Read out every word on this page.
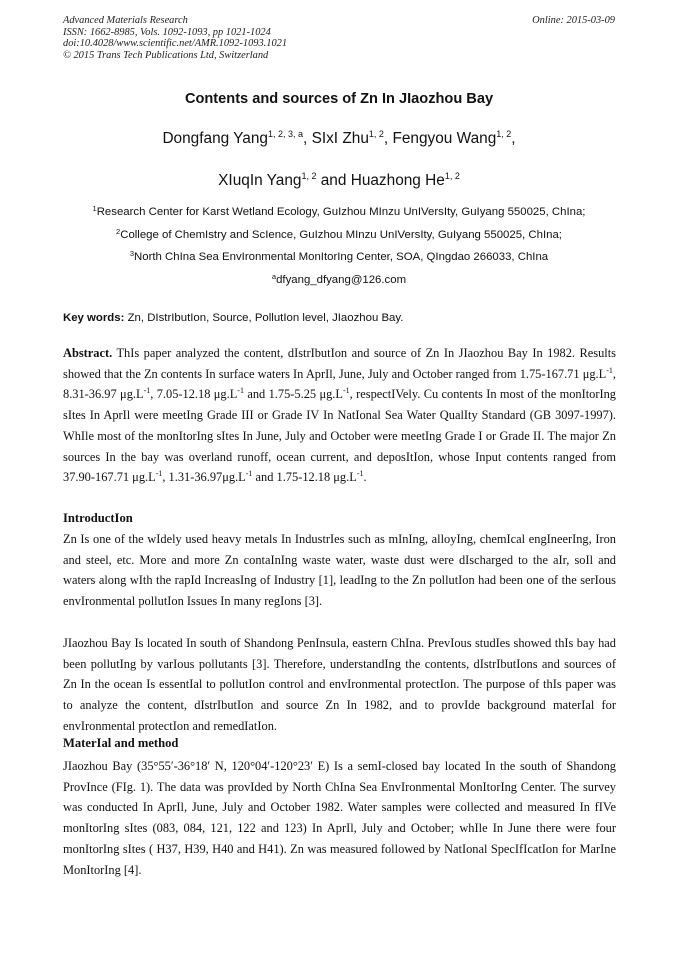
Advanced Materials Research
ISSN: 1662-8985, Vols. 1092-1093, pp 1021-1024
doi:10.4028/www.scientific.net/AMR.1092-1093.1021
© 2015 Trans Tech Publications Ltd, Switzerland
Online: 2015-03-09
Contents and sources of Zn In JIaozhou Bay
Dongfang Yang$^{1, 2, 3, a}$, SIxI Zhu$^{1, 2}$, Fengyou Wang$^{1, 2}$,
XIuqIn Yang$^{1, 2}$ and Huazhong He$^{1, 2}$
$^1$Research Center for Karst Wetland Ecology, GuIzhou MInzu UnIVersIty, GuIyang 550025, ChIna;
$^2$College of ChemIstry and ScIence, GuIzhou MInzu UnIVersIty, GuIyang 550025, ChIna;
$^3$North ChIna Sea EnvIronmental MonItorIng Center, SOA, QIngdao 266033, ChIna
$^a$dfyang_dfyang@126.com
Key words: Zn, DIstrIbutIon, Source, PollutIon level, JIaozhou Bay.

Abstract. ThIs paper analyzed the content, dIstrIbutIon and source of Zn In JIaozhou Bay In 1982. Results showed that the Zn contents In surface waters In AprIl, June, July and October ranged from 1.75-167.71 $\mu g.L^{-1}$, 8.31-36.97 $\mu g.L^{-1}$, 7.05-12.18 $\mu g.L^{-1}$ and 1.75-5.25 $\mu g.L^{-1}$, respectIVely. Cu contents In most of the monItorIng sItes In AprIl were meetIng Grade III or Grade IV In NatIonal Sea Water QualIty Standard (GB 3097-1997). WhIle most of the monItorIng sItes In June, July and October were meetIng Grade I or Grade II. The major Zn sources In the bay was overland runoff, ocean current, and deposItIon, whose Input contents ranged from 37.90-167.71 $\mu g.L^{-1}$, $1.31-36.97\mu g.L^{-1}$ and 1.75-12.18 $\mu g.L^{-1}$.

IntroductIon

Zn Is one of the wIdely used heavy metals In IndustrIes such as mInIng, alloyIng, chemIcal engIneerIng, Iron and steel, etc. More and more Zn contaInIng waste water, waste dust were dIscharged to the aIr, soIl and waters along wIth the rapId IncreasIng of Industry [1], leadIng to the Zn pollutIon had been one of the serIous envIronmental pollutIon Issues In many regIons [3].

JIaozhou Bay Is located In south of Shandong PenInsula, eastern ChIna. PrevIous studIes showed thIs bay had been pollutIng by varIous pollutants [3]. Therefore, understandIng the contents, dIstrIbutIons and sources of Zn In the ocean Is essentIal to pollutIon control and envIronmental protectIon. The purpose of thIs paper was to analyze the content, dIstrIbutIon and source Zn In 1982, and to provIde background materIal for envIronmental protectIon and remedIatIon.

MaterIal and method

JIaozhou Bay (35°55′-36°18′ N, 120°04′-120°23′ E) Is a semI-closed bay located In the south of Shandong ProvInce (FIg. 1). The data was provIded by North ChIna Sea EnvIronmental MonItorIng Center. The survey was conducted In AprIl, June, July and October 1982. Water samples were collected and measured In fIVe monItorIng sItes (083, 084, 121, 122 and 123) In AprIl, July and October; whIle In June there were four monItorIng sItes ( H37, H39, H40 and H41). Zn was measured followed by NatIonal SpecIfIcatIon for MarIne MonItorIng [4].
